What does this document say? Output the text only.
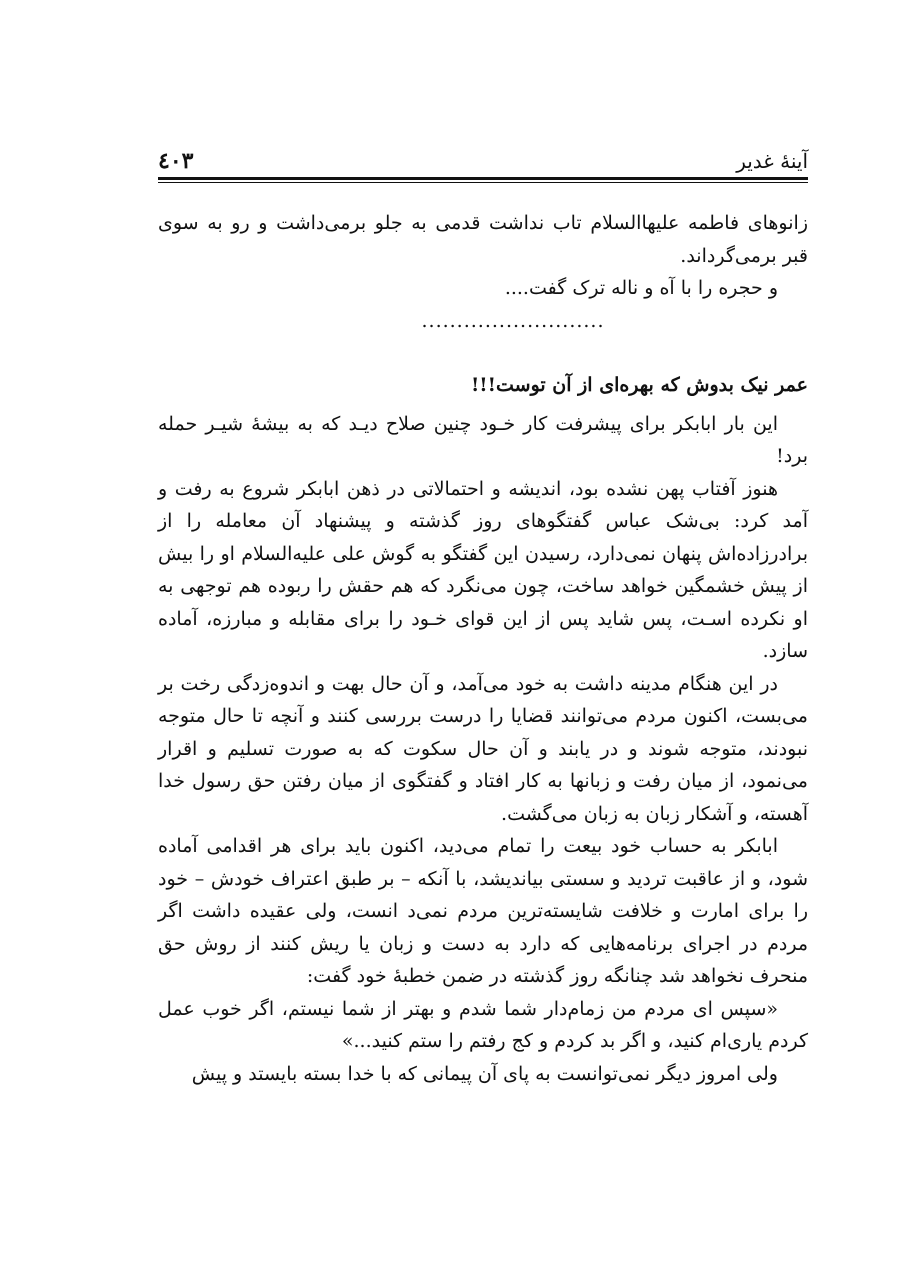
آینهٔ غدیر
٤٠٣

زانوهای فاطمه علیهاالسلام تاب نداشت قدمی به جلو برمی‌داشت و رو به سوی قبر برمی‌گرداند.

و حجره را با آه و ناله ترک گفت....

..........................

عمر نیک بدوش که بهره‌ای از آن توست!!!

این بار ابابکر برای پیشرفت کار خـود چنین صلاح دیـد که به بیشهٔ شیـر حمله برد!

هنوز آفتاب پهن نشده بود، اندیشه و احتمالاتی در ذهن ابابکر شروع به رفت و آمد کرد: بی‌شک عباس گفتگوهای روز گذشته و پیشنهاد آن معامله را از برادرزاده‌اش پنهان نمی‌دارد، رسیدن این گفتگو به گوش علی علیه‌السلام او را بیش از پیش خشمگین خواهد ساخت، چون می‌نگرد که هم حقش را ربوده هم توجهی به او نکرده اسـت، پس شاید پس از این قوای خـود را برای مقابله و مبارزه، آماده سازد.

در این هنگام مدینه داشت به خود می‌آمد، و آن حال بهت و اندوه‌زدگی رخت بر می‌بست، اکنون مردم می‌توانند قضایا را درست بررسی کنند و آنچه تا حال متوجه نبودند، متوجه شوند و در یابند و آن حال سکوت که به صورت تسلیم و اقرار می‌نمود، از میان رفت و زبانها به کار افتاد و گفتگوی از میان رفتن حق رسول خدا آهسته، و آشکار زبان به زبان می‌گشت.

ابابکر به حساب خود بیعت را تمام می‌دید، اکنون باید برای هر اقدامی آماده شود، و از عاقبت تردید و سستی بیاندیشد، با آنکه – بر طبق اعتراف خودش – خود را برای امارت و خلافت شایسته‌ترین مردم نمی‌د انست، ولی عقیده داشت اگر مردم در اجرای برنامه‌هایی که دارد به دست و زبان یا ریش کنند از روش حق منحرف نخواهد شد چنانگه روز گذشته در ضمن خطبهٔ خود گفت:

«سپس ای مردم من زمام‌دار شما شدم و بهتر از شما نیستم، اگر خوب عمل کردم یاری‌ام کنید، و اگر بد کردم و کج رفتم را ستم کنید...»

ولی امروز دیگر نمی‌توانست به پای آن پیمانی که با خدا بسته بایستد و پیش
